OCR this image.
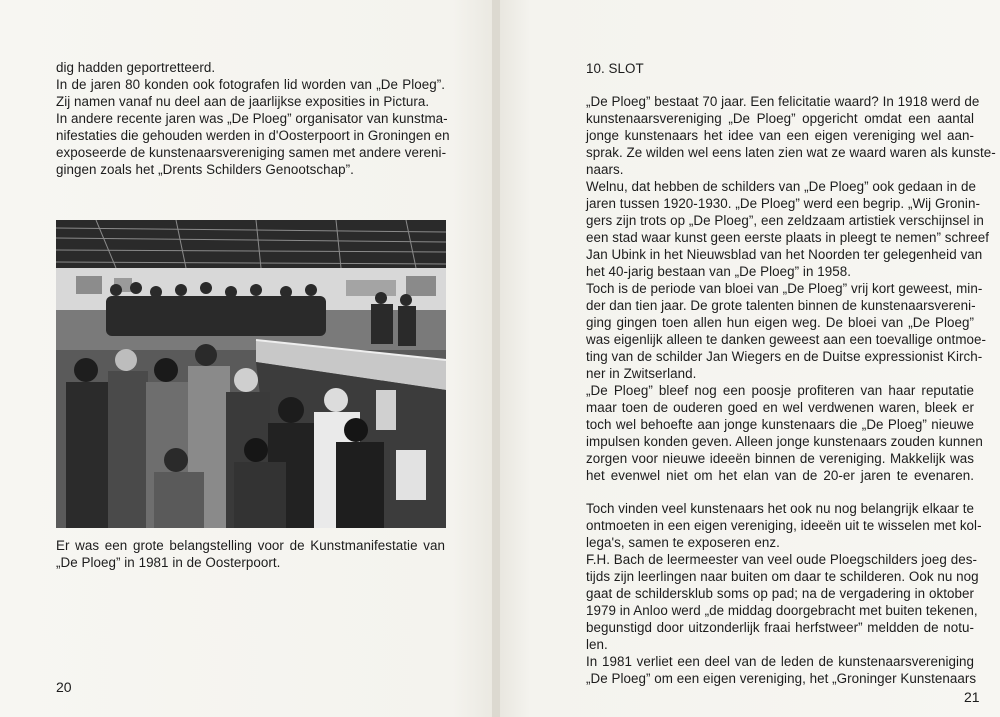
dig hadden geportretteerd.
In de jaren 80 konden ook fotografen lid worden van „De Ploeg”.
Zij namen vanaf nu deel aan de jaarlijkse exposities in Pictura.
In andere recente jaren was „De Ploeg” organisator van kunstma-
nifestaties die gehouden werden in d'Oosterpoort in Groningen en
exposeerde de kunstenaarsvereniging samen met andere vereni-
gingen zoals het „Drents Schilders Genootschap”.
Er was een grote belangstelling voor de Kunstmanifestatie van
„De Ploeg” in 1981 in de Oosterpoort.
20
10. SLOT
„De Ploeg” bestaat 70 jaar. Een felicitatie waard? In 1918 werd de
kunstenaarsvereniging „De Ploeg” opgericht omdat een aantal
jonge kunstenaars het idee van een eigen vereniging wel aan-
sprak. Ze wilden wel eens laten zien wat ze waard waren als kunste-
naars.
Welnu, dat hebben de schilders van „De Ploeg” ook gedaan in de
jaren tussen 1920-1930. „De Ploeg” werd een begrip. „Wij Gronin-
gers zijn trots op „De Ploeg”, een zeldzaam artistiek verschijnsel in
een stad waar kunst geen eerste plaats in pleegt te nemen” schreef
Jan Ubink in het Nieuwsblad van het Noorden ter gelegenheid van
het 40-jarig bestaan van „De Ploeg” in 1958.
Toch is de periode van bloei van „De Ploeg” vrij kort geweest, min-
der dan tien jaar. De grote talenten binnen de kunstenaarsvereni-
ging gingen toen allen hun eigen weg. De bloei van „De Ploeg”
was eigenlijk alleen te danken geweest aan een toevallige ontmoe-
ting van de schilder Jan Wiegers en de Duitse expressionist Kirch-
ner in Zwitserland.
„De Ploeg” bleef nog een poosje profiteren van haar reputatie
maar toen de ouderen goed en wel verdwenen waren, bleek er
toch wel behoefte aan jonge kunstenaars die „De Ploeg” nieuwe
impulsen konden geven. Alleen jonge kunstenaars zouden kunnen
zorgen voor nieuwe ideeën binnen de vereniging. Makkelijk was
het evenwel niet om het elan van de 20-er jaren te evenaren.
Toch vinden veel kunstenaars het ook nu nog belangrijk elkaar te
ontmoeten in een eigen vereniging, ideeën uit te wisselen met kol-
lega's, samen te exposeren enz.
F.H. Bach de leermeester van veel oude Ploegschilders joeg des-
tijds zijn leerlingen naar buiten om daar te schilderen. Ook nu nog
gaat de schildersklub soms op pad; na de vergadering in oktober
1979 in Anloo werd „de middag doorgebracht met buiten tekenen,
begunstigd door uitzonderlijk fraai herfstweer” meldden de notu-
len.
In 1981 verliet een deel van de leden de kunstenaarsvereniging
„De Ploeg” om een eigen vereniging, het „Groninger Kunstenaars
21
